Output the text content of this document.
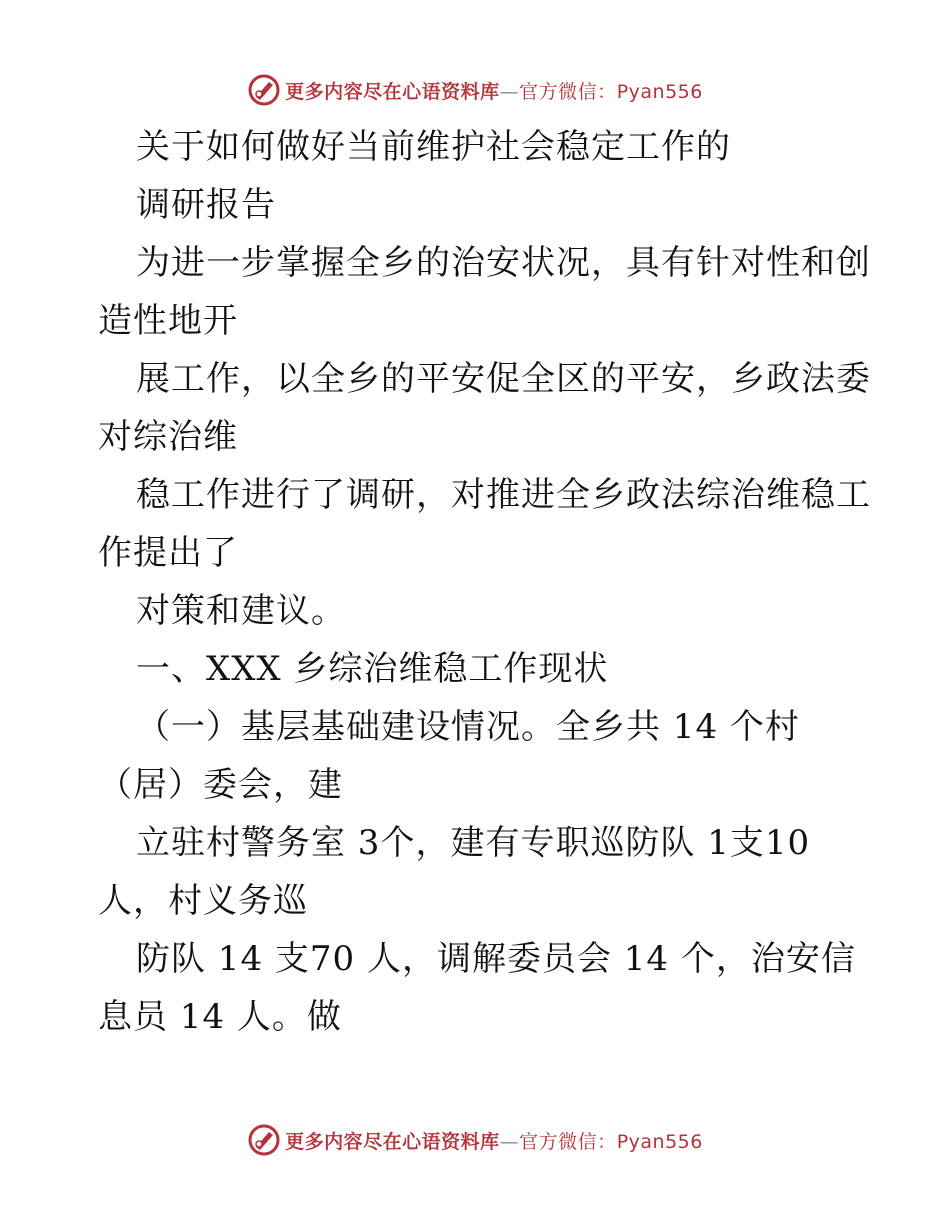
更多内容尽在心语资料库—官方微信：Pyan556
关于如何做好当前维护社会稳定工作的
调研报告
为进一步掌握全乡的治安状况，具有针对性和创
造性地开
展工作，以全乡的平安促全区的平安，乡政法委
对综治维
稳工作进行了调研，对推进全乡政法综治维稳工
作提出了
对策和建议。
一、XXX 乡综治维稳工作现状
（一）基层基础建设情况。全乡共 14 个村
（居）委会，建
立驻村警务室 3个，建有专职巡防队 1支10
人，村义务巡
防队 14 支70 人，调解委员会 14 个，治安信
息员 14 人。做
更多内容尽在心语资料库—官方微信：Pyan556
